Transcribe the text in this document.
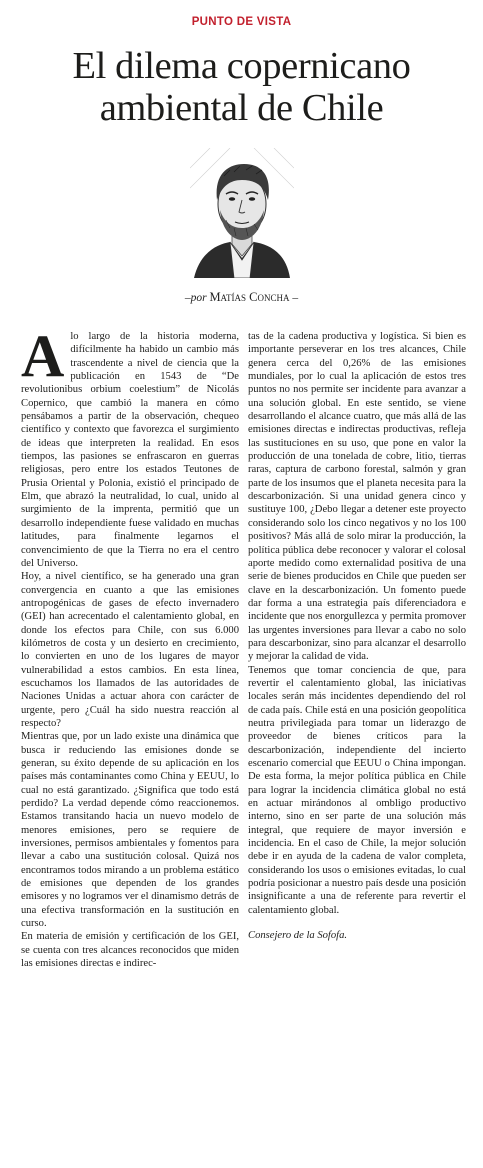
PUNTO DE VISTA
El dilema copernicano ambiental de Chile
–por Matías Concha –

Alo largo de la historia moderna, difícilmente ha habido un cambio más trascendente a nivel de ciencia que la publicación en 1543 de “De revolutionibus orbium coelestium” de Nicolás Copernico, que cambió la manera en cómo pensábamos a partir de la observación, chequeo científico y contexto que favorezca el surgimiento de ideas que interpreten la realidad. En esos tiempos, las pasiones se enfrascaron en guerras religiosas, pero entre los estados Teutones de Prusia Oriental y Polonia, existió el principado de Elm, que abrazó la neutralidad, lo cual, unido al surgimiento de la imprenta, permitió que un desarrollo independiente fuese validado en muchas latitudes, para finalmente legarnos el convencimiento de que la Tierra no era el centro del Universo.

Hoy, a nivel científico, se ha generado una gran convergencia en cuanto a que las emisiones antropogénicas de gases de efecto invernadero (GEI) han acrecentado el calentamiento global, en donde los efectos para Chile, con sus 6.000 kilómetros de costa y un desierto en crecimiento, lo convierten en uno de los lugares de mayor vulnerabilidad a estos cambios. En esta línea, escuchamos los llamados de las autoridades de Naciones Unidas a actuar ahora con carácter de urgente, pero ¿Cuál ha sido nuestra reacción al respecto?

Mientras que, por un lado existe una dinámica que busca ir reduciendo las emisiones donde se generan, su éxito depende de su aplicación en los países más contaminantes como China y EEUU, lo cual no está garantizado. ¿Significa que todo está perdido? La verdad depende cómo reaccionemos. Estamos transitando hacia un nuevo modelo de menores emisiones, pero se requiere de inversiones, permisos ambientales y fomentos para llevar a cabo una sustitución colosal. Quizá nos encontramos todos mirando a un problema estático de emisiones que dependen de los grandes emisores y no logramos ver el dinamismo detrás de una efectiva transformación en la sustitución en curso.

En materia de emisión y certificación de los GEI, se cuenta con tres alcances reconocidos que miden las emisiones directas e indirec-

tas de la cadena productiva y logística. Si bien es importante perseverar en los tres alcances, Chile genera cerca del 0,26% de las emisiones mundiales, por lo cual la aplicación de estos tres puntos no nos permite ser incidente para avanzar a una solución global. En este sentido, se viene desarrollando el alcance cuatro, que más allá de las emisiones directas e indirectas productivas, refleja las sustituciones en su uso, que pone en valor la producción de una tonelada de cobre, litio, tierras raras, captura de carbono forestal, salmón y gran parte de los insumos que el planeta necesita para la descarbonización. Si una unidad genera cinco y sustituye 100, ¿Debo llegar a detener este proyecto considerando solo los cinco negativos y no los 100 positivos? Más allá de solo mirar la producción, la política pública debe reconocer y valorar el colosal aporte medido como externalidad positiva de una serie de bienes producidos en Chile que pueden ser clave en la descarbonización. Un fomento puede dar forma a una estrategia país diferenciadora e incidente que nos enorgullezca y permita promover las urgentes inversiones para llevar a cabo no solo para descarbonizar, sino para alcanzar el desarrollo y mejorar la calidad de vida.

Tenemos que tomar conciencia de que, para revertir el calentamiento global, las iniciativas locales serán más incidentes dependiendo del rol de cada país. Chile está en una posición geopolítica neutra privilegiada para tomar un liderazgo de proveedor de bienes críticos para la descarbonización, independiente del incierto escenario comercial que EEUU o China impongan. De esta forma, la mejor política pública en Chile para lograr la incidencia climática global no está en actuar mirándonos al ombligo productivo interno, sino en ser parte de una solución más integral, que requiere de mayor inversión e incidencia. En el caso de Chile, la mejor solución debe ir en ayuda de la cadena de valor completa, considerando los usos o emisiones evitadas, lo cual podría posicionar a nuestro país desde una posición insignificante a una de referente para revertir el calentamiento global.

Consejero de la Sofofa.
